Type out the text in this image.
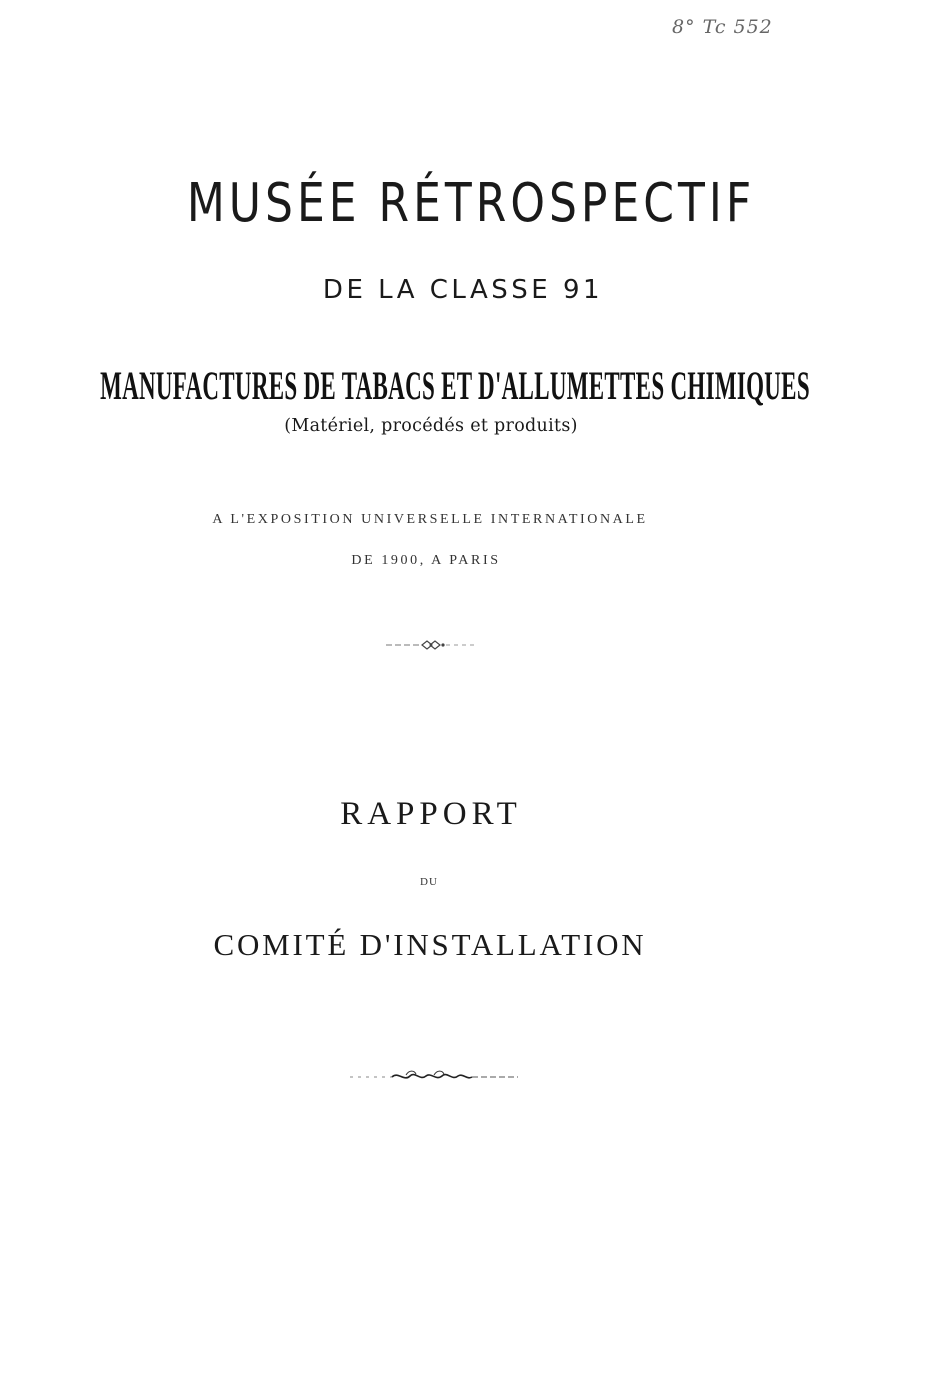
8° Tc 552
MUSÉE RÉTROSPECTIF
DE LA CLASSE 91
MANUFACTURES DE TABACS ET D'ALLUMETTES CHIMIQUES
(Matériel, procédés et produits)
A L'EXPOSITION UNIVERSELLE INTERNATIONALE
DE 1900, A PARIS
RAPPORT
DU
COMITÉ D'INSTALLATION
